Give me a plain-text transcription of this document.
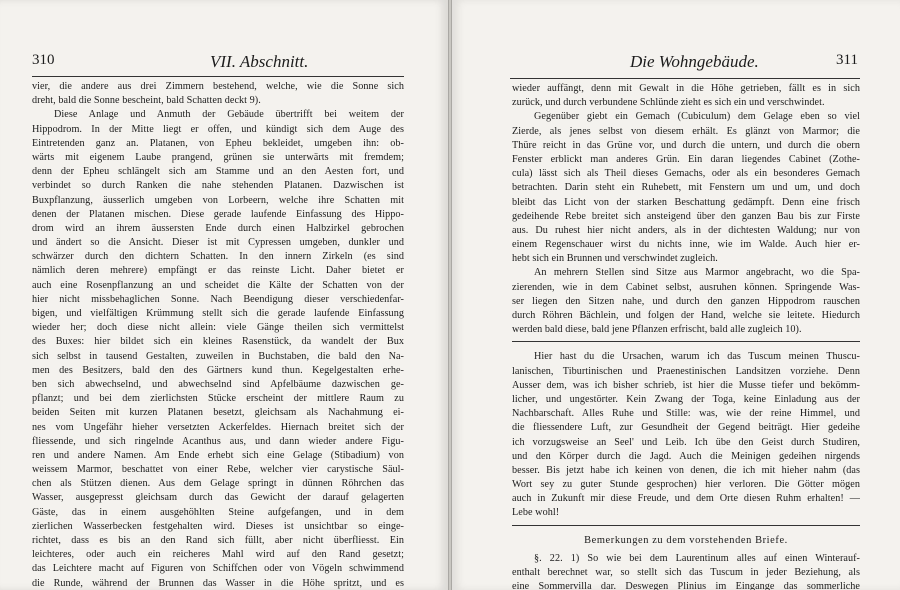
310	VII. Abschnitt.
vier, die andere aus drei Zimmern bestehend, welche, wie die Sonne sich
dreht, bald die Sonne bescheint, bald Schatten deckt 9).
Diese Anlage und Anmuth der Gebäude übertrifft bei weitem der
Hippodrom. In der Mitte liegt er offen, und kündigt sich dem Auge des
Eintretenden ganz an. Platanen, von Epheu bekleidet, umgeben ihn: ob-
wärts mit eigenem Laube prangend, grünen sie unterwärts mit fremdem;
denn der Epheu schlängelt sich am Stamme und an den Aesten fort, und
verbindet so durch Ranken die nahe stehenden Platanen. Dazwischen ist
Buxpflanzung, äusserlich umgeben von Lorbeern, welche ihre Schatten mit
denen der Platanen mischen. Diese gerade laufende Einfassung des Hippo-
drom wird an ihrem äussersten Ende durch einen Halbzirkel gebrochen
und ändert so die Ansicht. Dieser ist mit Cypressen umgeben, dunkler und
schwärzer durch den dichtern Schatten. In den innern Zirkeln (es sind
nämlich deren mehrere) empfängt er das reinste Licht. Daher bietet er
auch eine Rosenpflanzung an und scheidet die Kälte der Schatten von der
hier nicht missbehaglichen Sonne. Nach Beendigung dieser verschiedenfar-
bigen, und vielfältigen Krümmung stellt sich die gerade laufende Einfassung
wieder her; doch diese nicht allein: viele Gänge theilen sich vermittelst
des Buxes: hier bildet sich ein kleines Rasenstück, da wandelt der Bux
sich selbst in tausend Gestalten, zuweilen in Buchstaben, die bald den Na-
men des Besitzers, bald den des Gärtners kund thun. Kegelgestalten erhe-
ben sich abwechselnd, und abwechselnd sind Apfelbäume dazwischen ge-
pflanzt; und bei dem zierlichsten Stücke erscheint der mittlere Raum zu
beiden Seiten mit kurzen Platanen besetzt, gleichsam als Nachahmung ei-
nes vom Ungefähr hieher versetzten Ackerfeldes. Hiernach breitet sich der
fliessende, und sich ringelnde Acanthus aus, und dann wieder andere Figu-
ren und andere Namen. Am Ende erhebt sich eine Gelage (Stibadium) von
weissem Marmor, beschattet von einer Rebe, welcher vier carystische Säul-
chen als Stützen dienen. Aus dem Gelage springt in dünnen Röhrchen das
Wasser, ausgepresst gleichsam durch das Gewicht der darauf gelagerten
Gäste, das in einem ausgehöhlten Steine aufgefangen, und in dem
zierlichen Wasserbecken festgehalten wird. Dieses ist unsichtbar so einge-
richtet, dass es bis an den Rand sich füllt, aber nicht überfliesst. Ein
leichteres, oder auch ein reicheres Mahl wird auf den Rand gesetzt;
das Leichtere macht auf Figuren von Schiffchen oder von Vögeln schwimmend
die Runde, während der Brunnen das Wasser in die Höhe spritzt, und es
Die Wohngebäude.	311
wieder auffängt, denn mit Gewalt in die Höhe getrieben, fällt es in sich
zurück, und durch verbundene Schlünde zieht es sich ein und verschwindet.
Gegenüber giebt ein Gemach (Cubiculum) dem Gelage eben so viel
Zierde, als jenes selbst von diesem erhält. Es glänzt von Marmor; die
Thüre reicht in das Grüne vor, und durch die untern, und durch die obern
Fenster erblickt man anderes Grün. Ein daran liegendes Cabinet (Zothe-
cula) lässt sich als Theil dieses Gemachs, oder als ein besonderes Gemach
betrachten. Darin steht ein Ruhebett, mit Fenstern um und um, und doch
bleibt das Licht von der starken Beschattung gedämpft. Denn eine frisch
gedeihende Rebe breitet sich ansteigend über den ganzen Bau bis zur Firste
aus. Du ruhest hier nicht anders, als in der dichtesten Waldung; nur von
einem Regenschauer wirst du nichts inne, wie im Walde. Auch hier er-
hebt sich ein Brunnen und verschwindet zugleich.
An mehrern Stellen sind Sitze aus Marmor angebracht, wo die Spa-
zierenden, wie in dem Cabinet selbst, ausruhen können. Springende Was-
ser liegen den Sitzen nahe, und durch den ganzen Hippodrom rauschen
durch Röhren Bächlein, und folgen der Hand, welche sie leitete. Hiedurch
werden bald diese, bald jene Pflanzen erfrischt, bald alle zugleich 10).
Hier hast du die Ursachen, warum ich das Tuscum meinen Thuscu-
lanischen, Tiburtinischen und Praenestinischen Landsitzen vorziehe. Denn
Ausser dem, was ich bisher schrieb, ist hier die Musse tiefer und bekömm-
licher, und ungestörter. Kein Zwang der Toga, keine Einladung aus der
Nachbarschaft. Alles Ruhe und Stille: was, wie der reine Himmel, und
die fliessendere Luft, zur Gesundheit der Gegend beiträgt. Hier gedeihe
ich vorzugsweise an Seel' und Leib. Ich übe den Geist durch Studiren,
und den Körper durch die Jagd. Auch die Meinigen gedeihen nirgends
besser. Bis jetzt habe ich keinen von denen, die ich mit hieher nahm (das
Wort sey zu guter Stunde gesprochen) hier verloren. Die Götter mögen
auch in Zukunft mir diese Freude, und dem Orte diesen Ruhm erhalten! —
Lebe wohl!
Bemerkungen zu dem vorstehenden Briefe.
§. 22. 1) So wie bei dem Laurentinum alles auf einen Winterauf-
enthalt berechnet war, so stellt sich das Tuscum in jeder Beziehung, als
eine Sommervilla dar. Deswegen Plinius im Eingange das sommerliche
